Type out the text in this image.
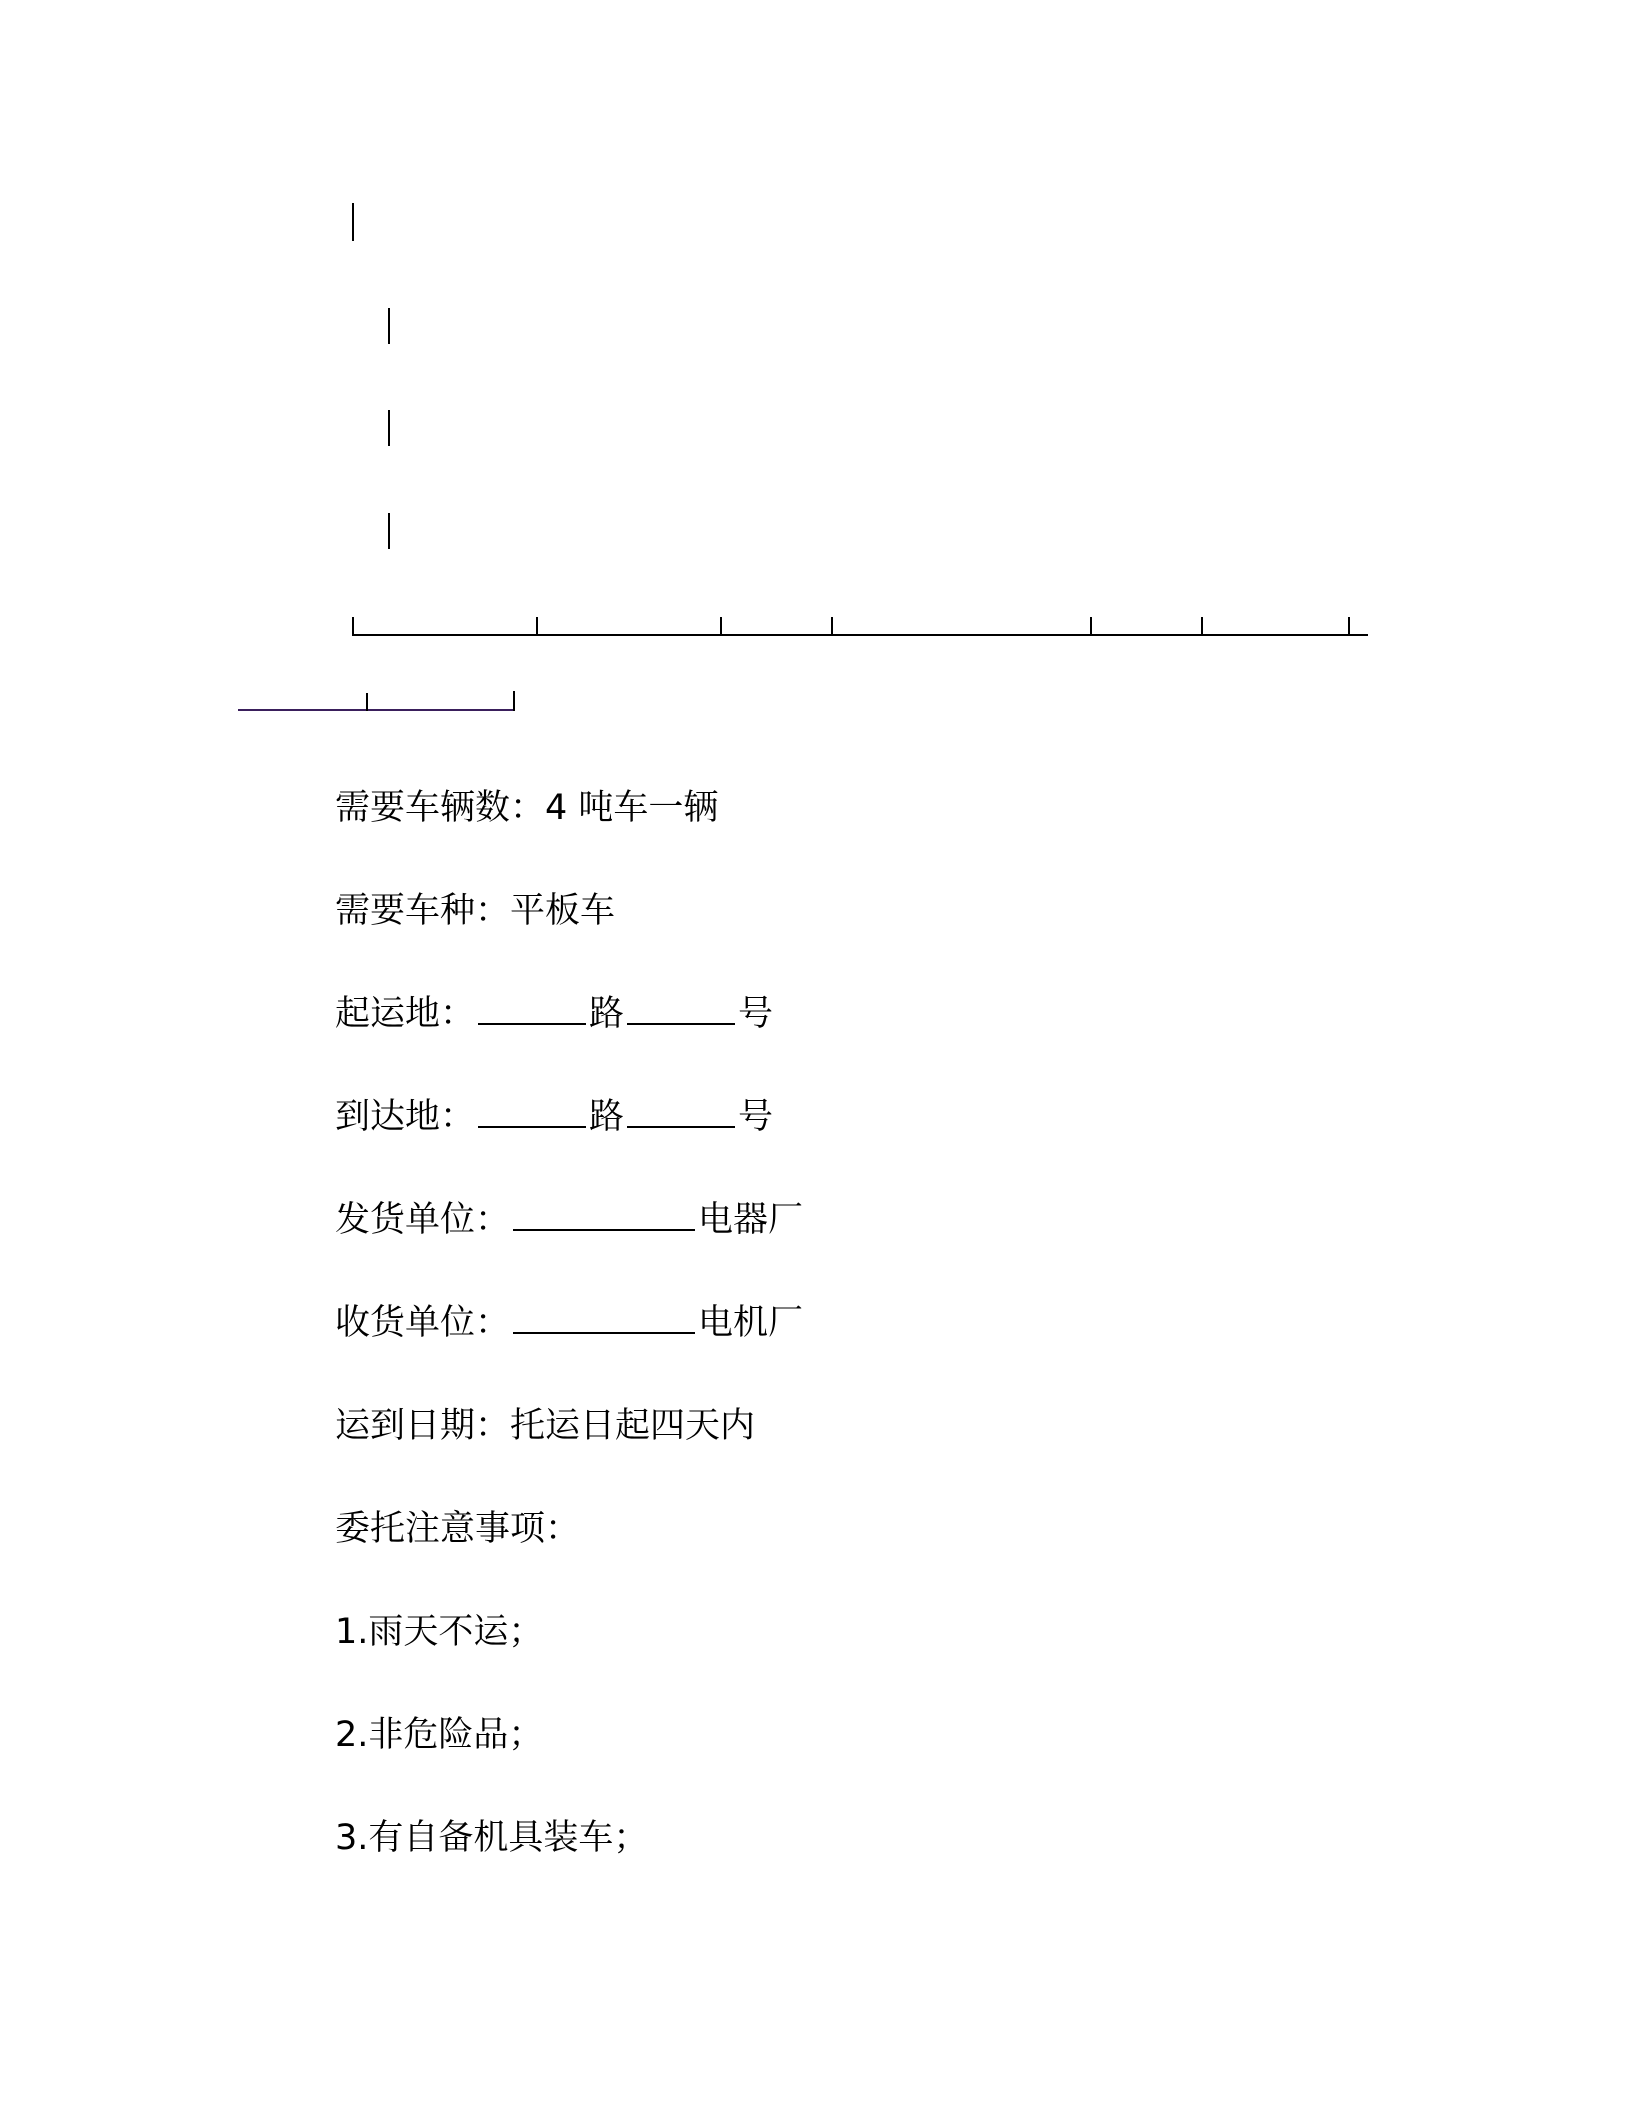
需要车辆数：4 吨车一辆
需要车种：平板车
起运地：	路	号
到达地：	路	号
发货单位：	电器厂
收货单位：	电机厂
运到日期：托运日起四天内
委托注意事项：
1.雨天不运；
2.非危险品；
3.有自备机具装车；
